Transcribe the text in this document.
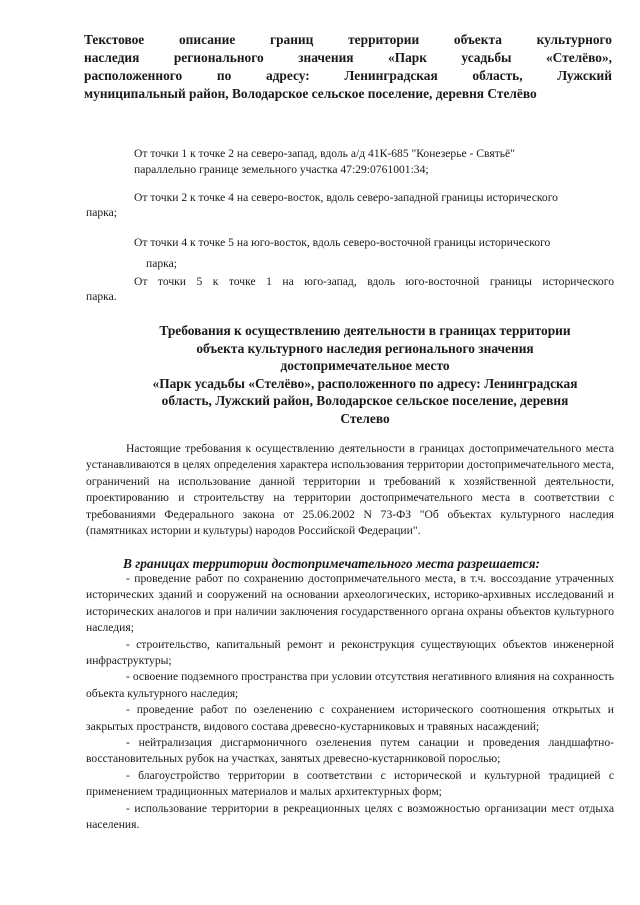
Текстовое описание границ территории объекта культурного
наследия регионального значения «Парк усадьбы «Стелёво»,
расположенного по адресу: Ленинградская область, Лужский
муниципальный район, Володарское сельское поселение, деревня Стелёво
От точки 1 к точке 2 на северо-запад, вдоль а/д 41К-685 "Конезерье - Святьё"
параллельно границе земельного участка 47:29:0761001:34;
От точки 2 к точке 4 на северо-восток, вдоль северо-западной границы исторического
парка;
От точки 4 к точке 5 на юго-восток, вдоль северо-восточной границы исторического
парка;
От точки 5 к точке 1 на юго-запад, вдоль юго-восточной границы исторического
парка.
Требования к осуществлению деятельности в границах территории
объекта культурного наследия регионального значения
достопримечательное место
«Парк усадьбы «Стелёво», расположенного по адресу: Ленинградская
область, Лужский район, Володарское сельское поселение, деревня
Стелево
Настоящие требования к осуществлению деятельности в границах достопримечательного места устанавливаются в целях определения характера использования территории достопримечательного места, ограничений на использование данной территории и требований к хозяйственной деятельности, проектированию и строительству на территории достопримечательного места в соответствии с требованиями Федерального закона от 25.06.2002 N 73-ФЗ "Об объектах культурного наследия (памятниках истории и культуры) народов Российской Федерации".
В границах территории достопримечательного места разрешается:

- проведение работ по сохранению достопримечательного места, в т.ч. воссоздание утраченных исторических зданий и сооружений на основании археологических, историко-архивных исследований и исторических аналогов и при наличии заключения государственного органа охраны объектов культурного наследия;

- строительство, капитальный ремонт и реконструкция существующих объектов инженерной инфраструктуры;

- освоение подземного пространства при условии отсутствия негативного влияния на сохранность объекта культурного наследия;

- проведение работ по озеленению с сохранением исторического соотношения открытых и закрытых пространств, видового состава древесно-кустарниковых и травяных насаждений;

- нейтрализация дисгармоничного озеленения путем санации и проведения ландшафтно-восстановительных рубок на участках, занятых древесно-кустарниковой порослью;

- благоустройство территории в соответствии с исторической и культурной традицией с применением традиционных материалов и малых архитектурных форм;

- использование территории в рекреационных целях с возможностью организации мест отдыха населения.
